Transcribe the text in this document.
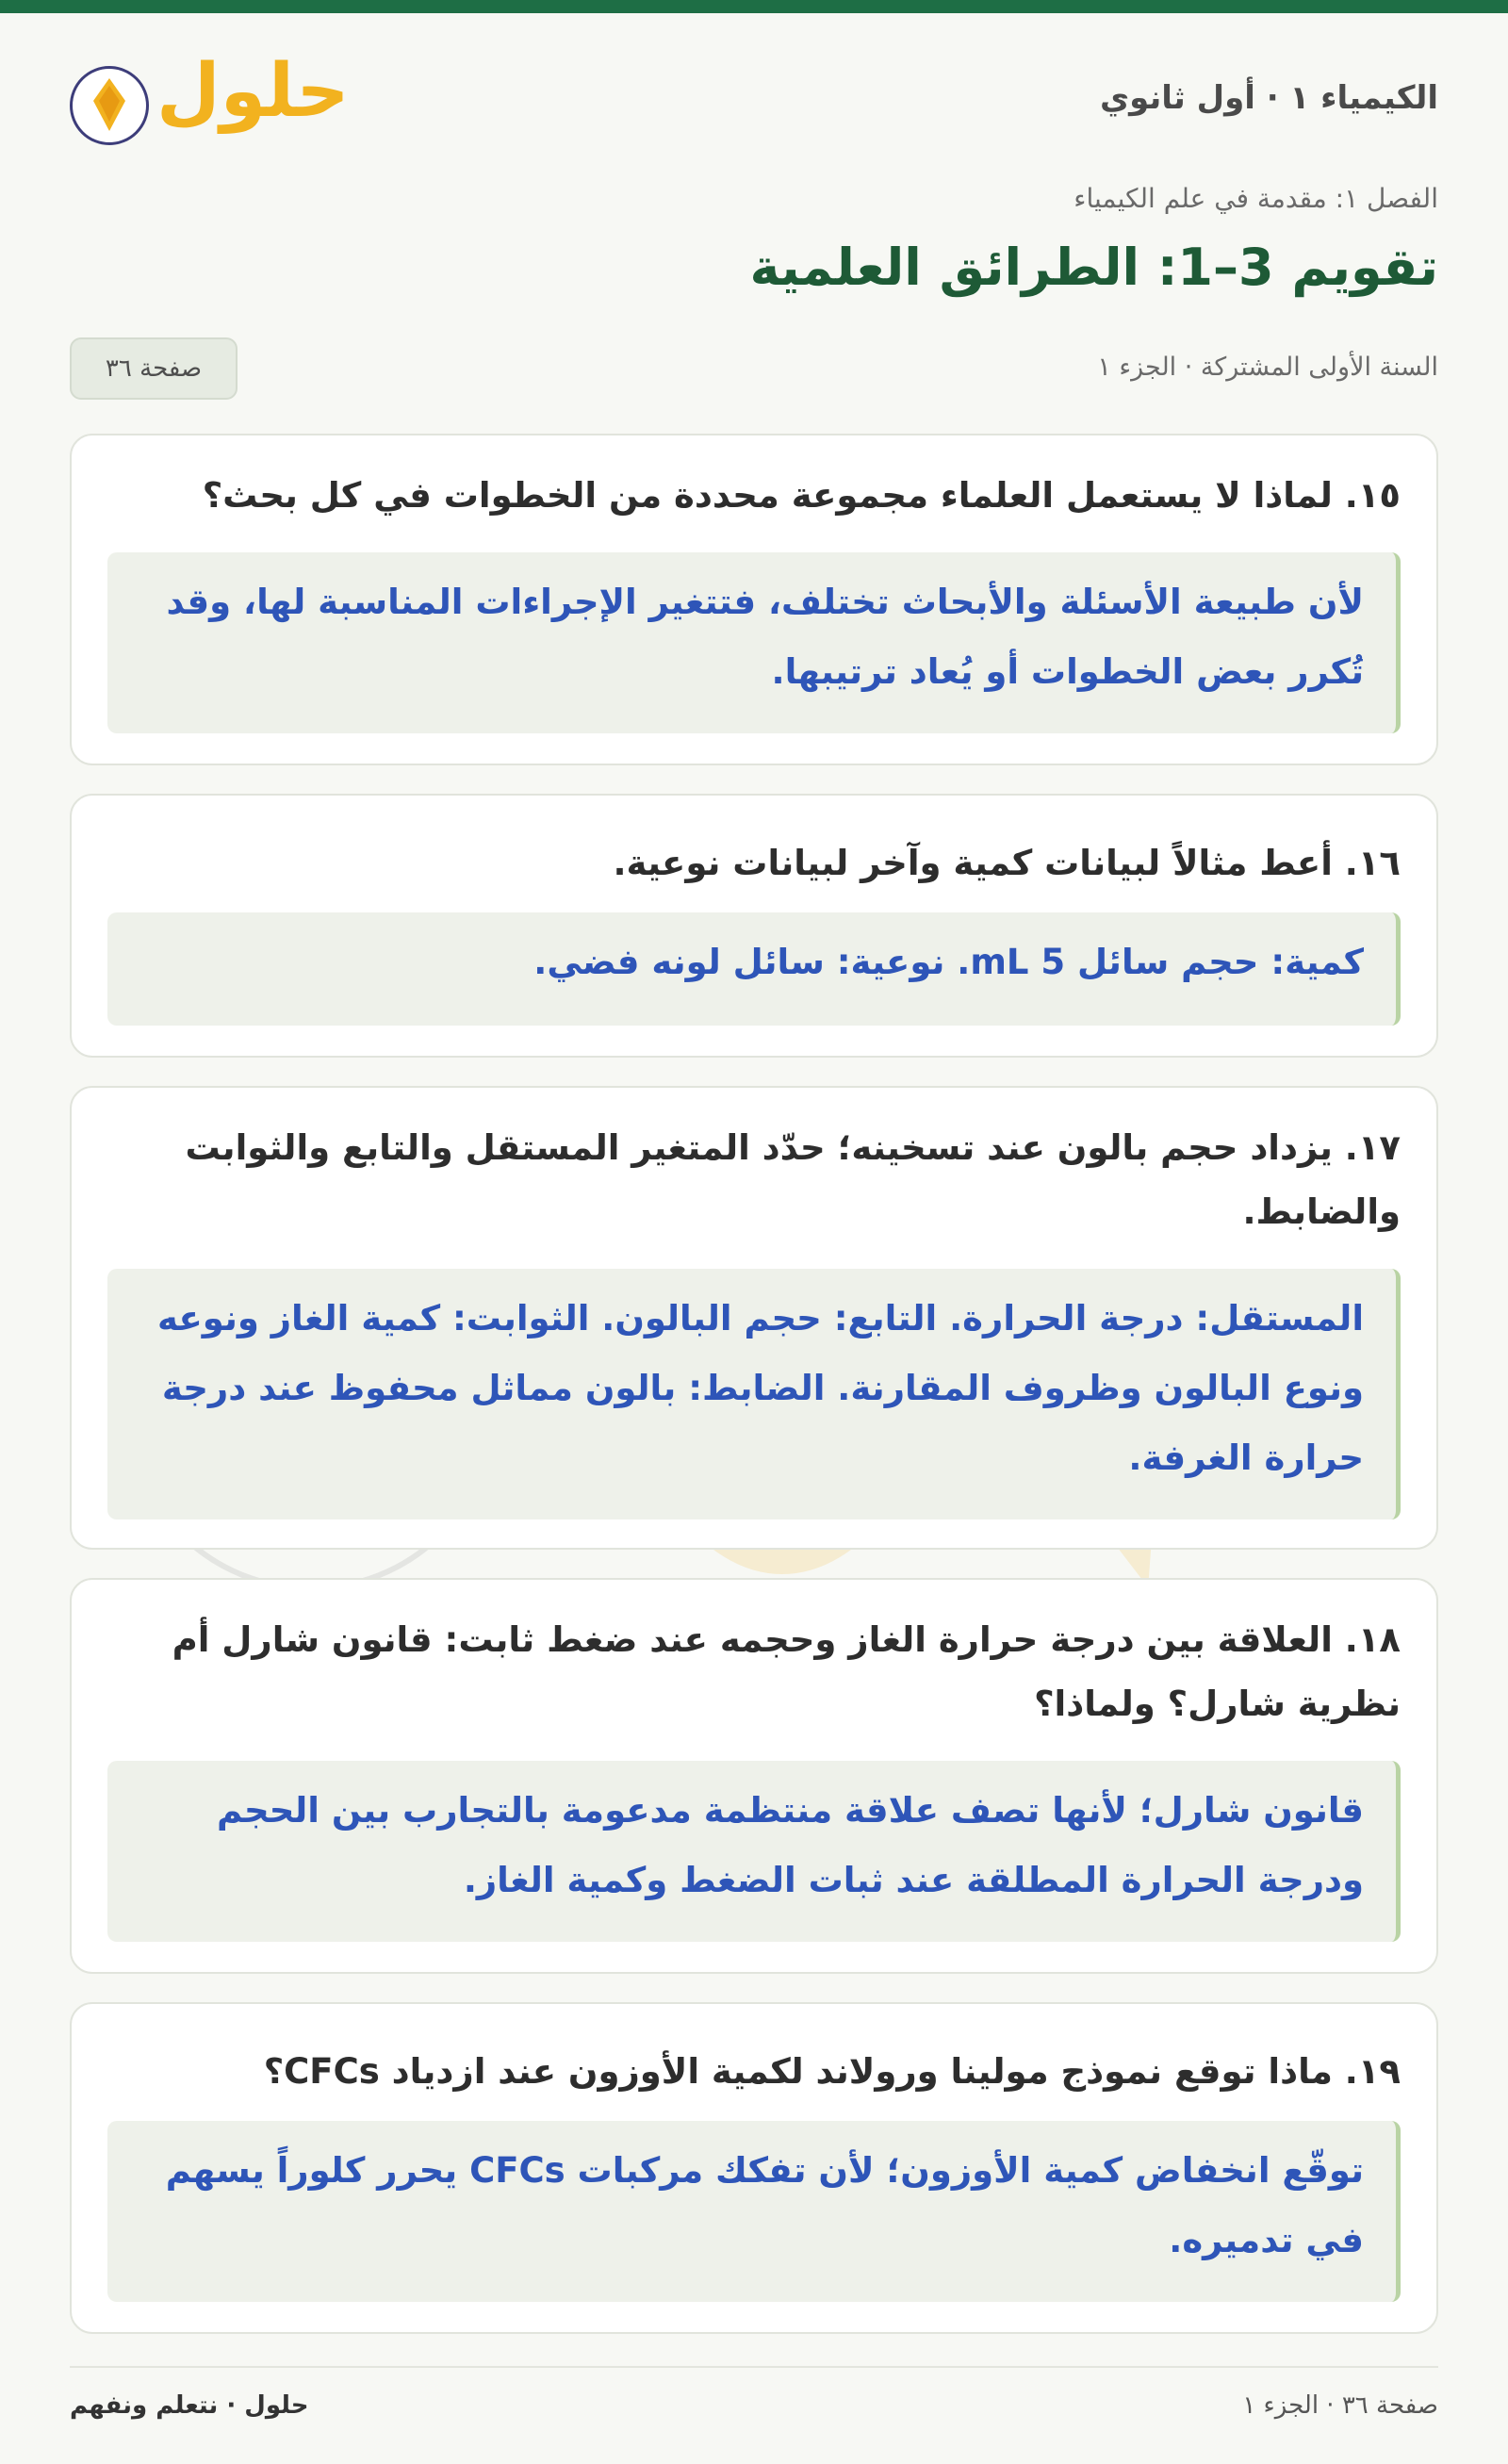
الكيمياء ١ · أول ثانوي
حلول
الفصل ١: مقدمة في علم الكيمياء
تقويم 3–1: الطرائق العلمية
السنة الأولى المشتركة · الجزء ١
صفحة ٣٦
١٥. لماذا لا يستعمل العلماء مجموعة محددة من الخطوات في كل بحث؟
لأن طبيعة الأسئلة والأبحاث تختلف، فتتغير الإجراءات المناسبة لها، وقد تُكرر بعض الخطوات أو يُعاد ترتيبها.
١٦. أعط مثالاً لبيانات كمية وآخر لبيانات نوعية.
كمية: حجم سائل 5 mL. نوعية: سائل لونه فضي.
١٧. يزداد حجم بالون عند تسخينه؛ حدّد المتغير المستقل والتابع والثوابت والضابط.
المستقل: درجة الحرارة. التابع: حجم البالون. الثوابت: كمية الغاز ونوعه ونوع البالون وظروف المقارنة. الضابط: بالون مماثل محفوظ عند درجة حرارة الغرفة.
١٨. العلاقة بين درجة حرارة الغاز وحجمه عند ضغط ثابت: قانون شارل أم نظرية شارل؟ ولماذا؟
قانون شارل؛ لأنها تصف علاقة منتظمة مدعومة بالتجارب بين الحجم ودرجة الحرارة المطلقة عند ثبات الضغط وكمية الغاز.
١٩. ماذا توقع نموذج مولينا ورولاند لكمية الأوزون عند ازدياد CFCs؟
توقّع انخفاض كمية الأوزون؛ لأن تفكك مركبات CFCs يحرر كلوراً يسهم في تدميره.
صفحة ٣٦ · الجزء ١
حلول · نتعلم ونفهم
